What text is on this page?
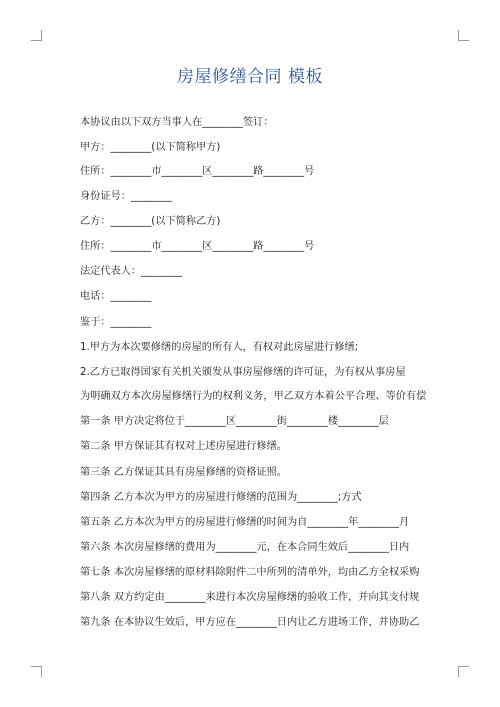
房屋修缮合同 模板
本协议由以下双方当事人在________签订：
甲方：________(以下简称甲方)
住所：________市________区________路________号
身份证号：________
乙方：________(以下简称乙方)
住所：________市________区________路________号
法定代表人：________
电话：________
鉴于：________
1.甲方为本次要修缮的房屋的所有人，有权对此房屋进行修缮;
2.乙方已取得国家有关机关颁发从事房屋修缮的许可证，为有权从事房屋
为明确双方本次房屋修缮行为的权利义务，甲乙双方本着公平合理、等价有偿
第一条 甲方决定将位于________区________街________楼________层
第二条 甲方保证其有权对上述房屋进行修缮。
第三条 乙方保证其具有房屋修缮的资格证照。
第四条 乙方本次为甲方的房屋进行修缮的范围为________;方式
第五条 乙方本次为甲方的房屋进行修缮的时间为自________年________月
第六条 本次房屋修缮的费用为________元，在本合同生效后________日内
第七条 本次房屋修缮的原材料除附件二中所列的清单外，均由乙方全权采购
第八条 双方约定由________来进行本次房屋修缮的验收工作，并向其支付规
第九条 在本协议生效后，甲方应在________日内让乙方进场工作，并协助乙
